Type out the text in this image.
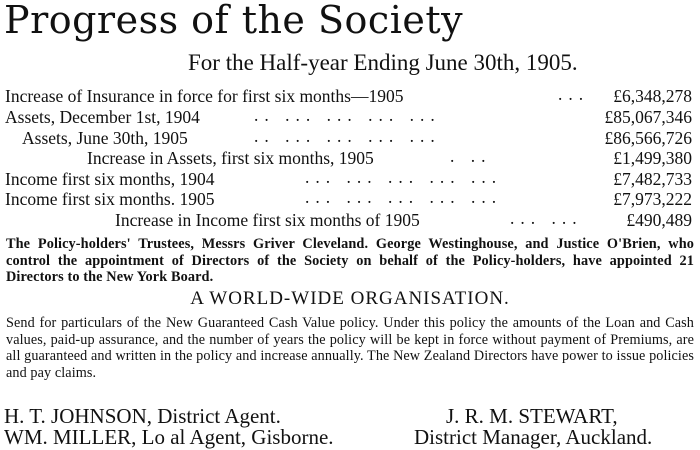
Progress of the Society
For the Half-year Ending June 30th, 1905.
Increase of Insurance in force for first six months—1905	... £6,348,278
Assets, December 1st, 1904	.. ... ... ... ...	£85,067,346
Assets, June 30th, 1905	.. ... ... ... ...	£86,566,726
Increase in Assets, first six months, 1905	. ..	£1,499,380
Income first six months, 1904	... ... ... ... ...	£7,482,733
Income first six months. 1905	... ... ... ... ...	£7,973,222
Increase in Income first six months of 1905	... ...	£490,489
The Policy-holders' Trustees, Messrs Griver Cleveland. George Westinghouse, and Justice O'Brien, who control the appointment of Directors of the Society on behalf of the Policy-holders, have appointed 21 Directors to the New York Board.
A WORLD-WIDE ORGANISATION.
Send for particulars of the New Guaranteed Cash Value policy. Under this policy the amounts of the Loan and Cash values, paid-up assurance, and the number of years the policy will be kept in force without payment of Premiums, are all guaranteed and written in the policy and increase annually. The New Zealand Directors have power to issue policies and pay claims.
H. T. JOHNSON, District Agent.
WM. MILLER, Lo al Agent, Gisborne.
J. R. M. STEWART,
District Manager, Auckland.
